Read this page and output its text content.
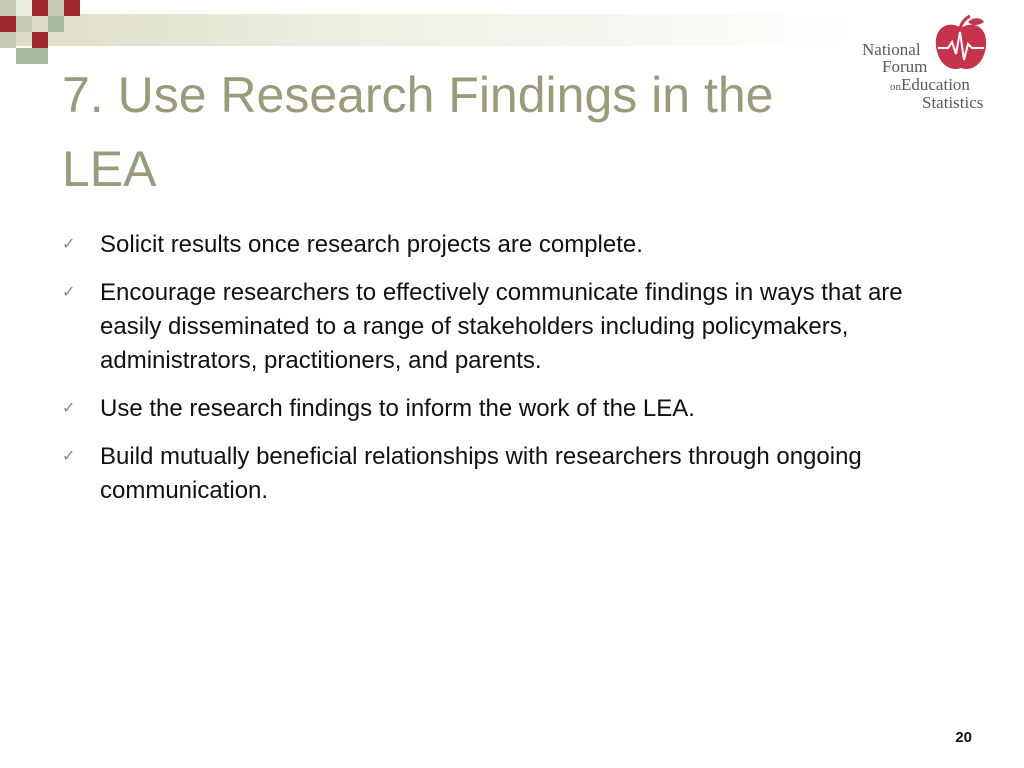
7. Use Research Findings in the LEA
National
Forum
onEducation
Statistics
✓ Solicit results once research projects are complete.
✓ Encourage researchers to effectively communicate findings in ways that are easily disseminated to a range of stakeholders including policymakers, administrators, practitioners, and parents.
✓ Use the research findings to inform the work of the LEA.
✓ Build mutually beneficial relationships with researchers through ongoing communication.
20
